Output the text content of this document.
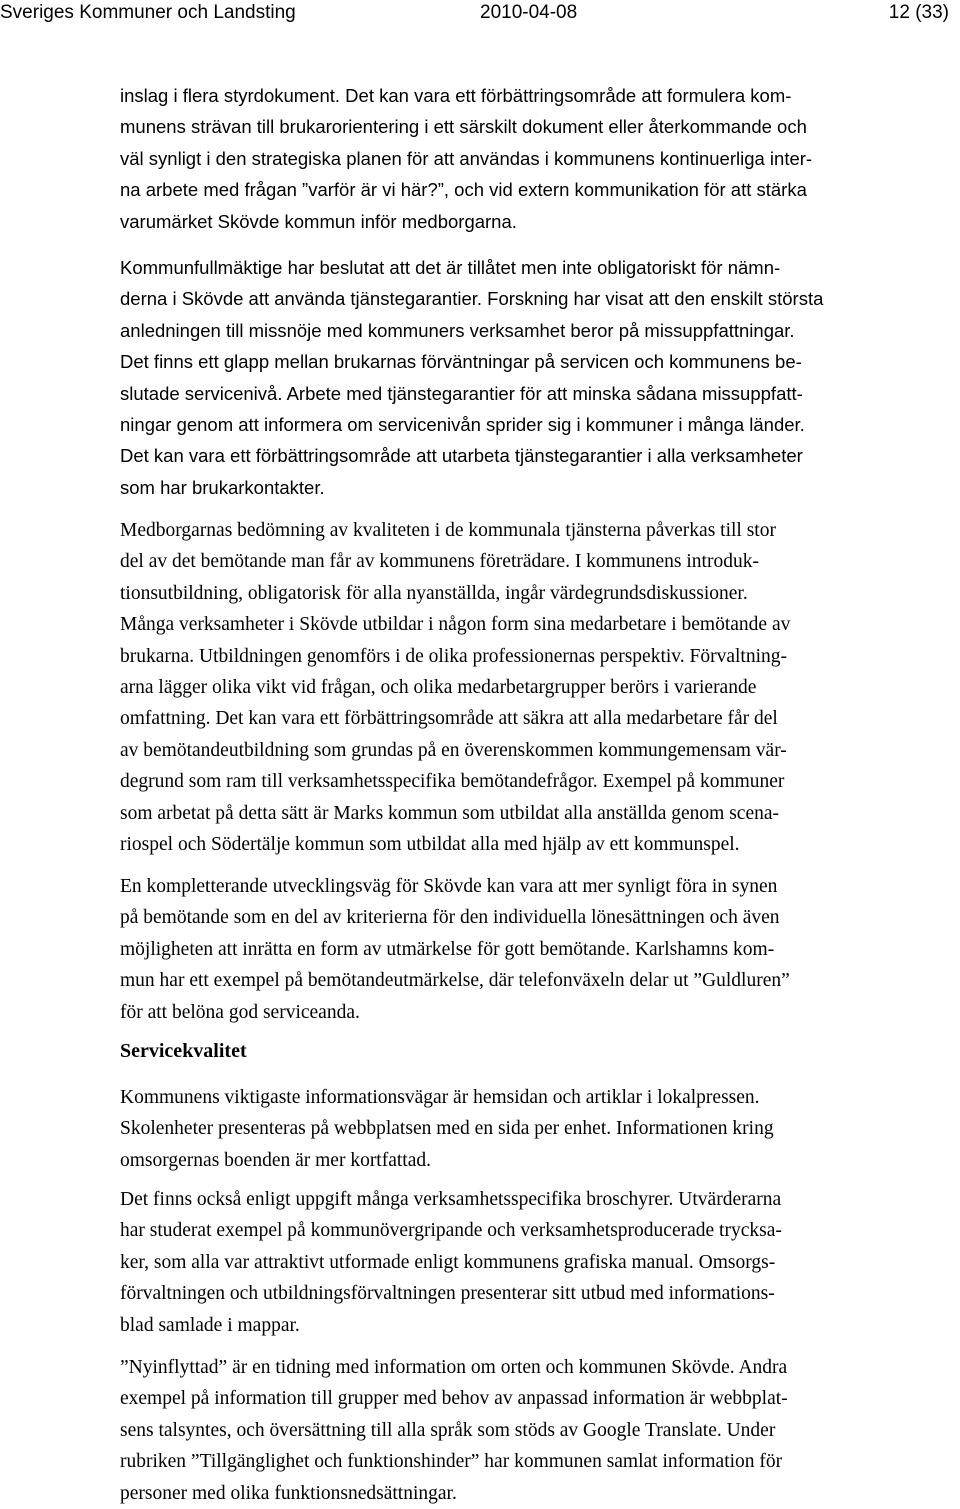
Sveriges Kommuner och Landsting	2010-04-08	12 (33)

inslag i flera styrdokument. Det kan vara ett förbättringsområde att formulera kom-
munens strävan till brukarorientering i ett särskilt dokument eller återkommande och
väl synligt i den strategiska planen för att användas i kommunens kontinuerliga inter-
na arbete med frågan ”varför är vi här?”, och vid extern kommunikation för att stärka
varumärket Skövde kommun inför medborgarna.

Kommunfullmäktige har beslutat att det är tillåtet men inte obligatoriskt för nämn-
derna i Skövde att använda tjänstegarantier. Forskning har visat att den enskilt största
anledningen till missnöje med kommuners verksamhet beror på missuppfattningar.
Det finns ett glapp mellan brukarnas förväntningar på servicen och kommunens be-
slutade servicenivå. Arbete med tjänstegarantier för att minska sådana missuppfatt-
ningar genom att informera om servicenivån sprider sig i kommuner i många länder.
Det kan vara ett förbättringsområde att utarbeta tjänstegarantier i alla verksamheter
som har brukarkontakter.

Medborgarnas bedömning av kvaliteten i de kommunala tjänsterna påverkas till stor
del av det bemötande man får av kommunens företrädare. I kommunens introduk-
tionsutbildning, obligatorisk för alla nyanställda, ingår värdegrundsdiskussioner.
Många verksamheter i Skövde utbildar i någon form sina medarbetare i bemötande av
brukarna. Utbildningen genomförs i de olika professionernas perspektiv. Förvaltning-
arna lägger olika vikt vid frågan, och olika medarbetargrupper berörs i varierande
omfattning. Det kan vara ett förbättringsområde att säkra att alla medarbetare får del
av bemötandeutbildning som grundas på en överenskommen kommungemensam vär-
degrund som ram till verksamhetsspecifika bemötandefrågor. Exempel på kommuner
som arbetat på detta sätt är Marks kommun som utbildat alla anställda genom scena-
riospel och Södertälje kommun som utbildat alla med hjälp av ett kommunspel.

En kompletterande utvecklingsväg för Skövde kan vara att mer synligt föra in synen
på bemötande som en del av kriterierna för den individuella lönesättningen och även
möjligheten att inrätta en form av utmärkelse för gott bemötande. Karlshamns kom-
mun har ett exempel på bemötandeutmärkelse, där telefonväxeln delar ut ”Guldluren”
för att belöna god serviceanda.

Servicekvalitet

Kommunens viktigaste informationsvägar är hemsidan och artiklar i lokalpressen.
Skolenheter presenteras på webbplatsen med en sida per enhet. Informationen kring
omsorgernas boenden är mer kortfattad.

Det finns också enligt uppgift många verksamhetsspecifika broschyrer. Utvärderarna
har studerat exempel på kommunövergripande och verksamhetsproducerade trycksa-
ker, som alla var attraktivt utformade enligt kommunens grafiska manual. Omsorgs-
förvaltningen och utbildningsförvaltningen presenterar sitt utbud med informations-
blad samlade i mappar.

”Nyinflyttad” är en tidning med information om orten och kommunen Skövde. Andra
exempel på information till grupper med behov av anpassad information är webbplat-
sens talsyntes, och översättning till alla språk som stöds av Google Translate. Under
rubriken ”Tillgänglighet och funktionshinder” har kommunen samlat information för
personer med olika funktionsnedsättningar.
